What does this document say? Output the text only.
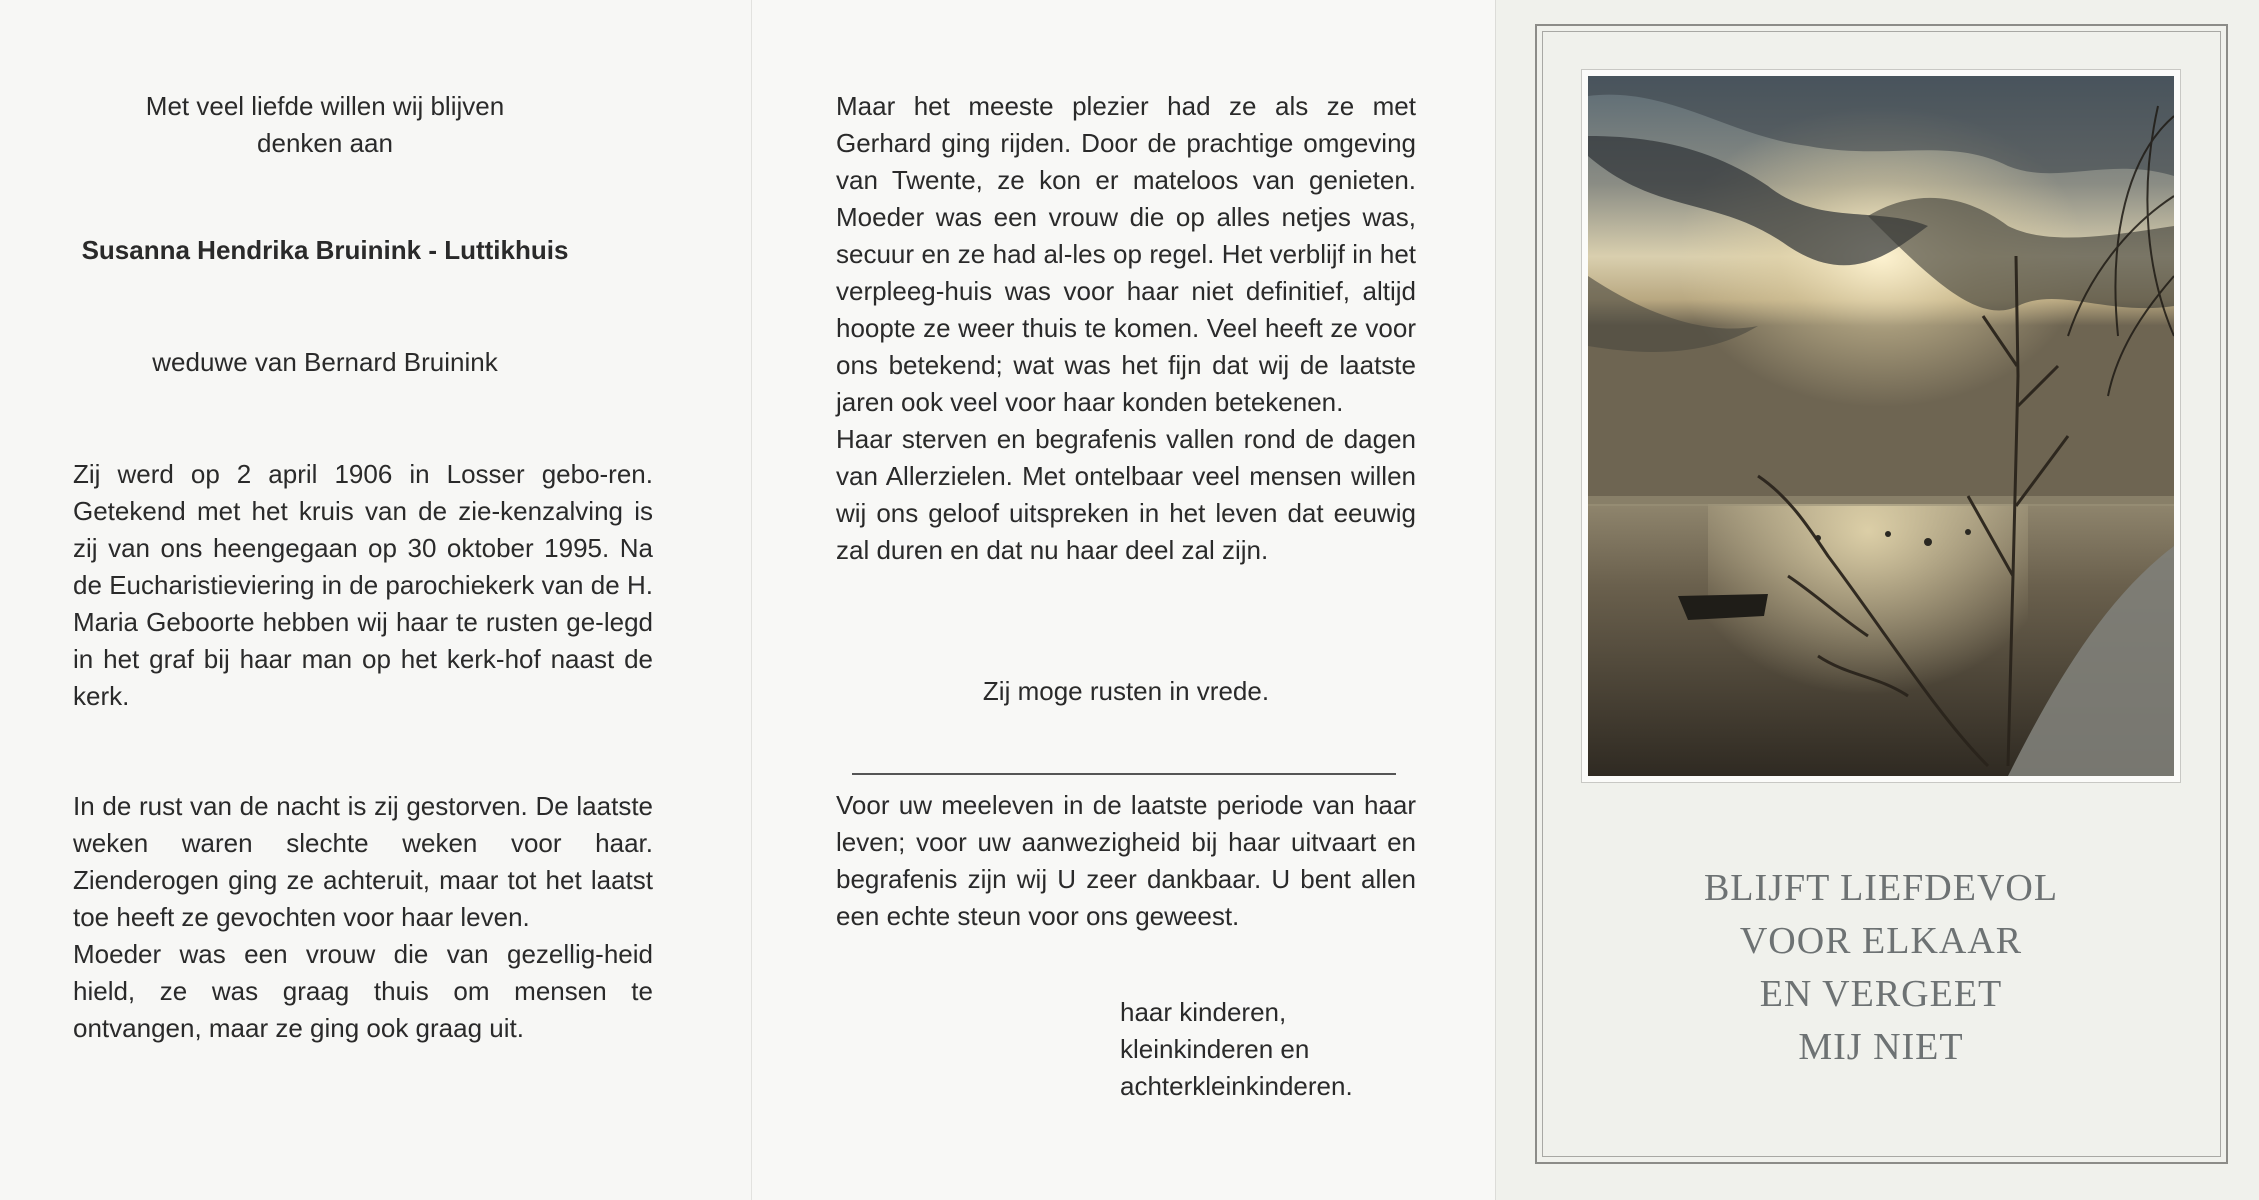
Met veel liefde willen wij blijven

denken aan

Susanna Hendrika Bruinink - Luttikhuis
weduwe van Bernard Bruinink
Zij werd op 2 april 1906 in Losser gebo-ren. Getekend met het kruis van de zie-kenzalving is zij van ons heengegaan op 30 oktober 1995. Na de Eucharistieviering in de parochiekerk van de H. Maria Geboorte hebben wij haar te rusten ge-legd in het graf bij haar man op het kerk-hof naast de kerk.

In de rust van de nacht is zij gestorven. De laatste weken waren slechte weken voor haar. Zienderogen ging ze achteruit, maar tot het laatst toe heeft ze gevochten voor haar leven.

Moeder was een vrouw die van gezellig-heid hield, ze was graag thuis om mensen te ontvangen, maar ze ging ook graag uit.

Maar het meeste plezier had ze als ze met Gerhard ging rijden. Door de prachtige omgeving van Twente, ze kon er mateloos van genieten. Moeder was een vrouw die op alles netjes was, secuur en ze had al-les op regel. Het verblijf in het verpleeg-huis was voor haar niet definitief, altijd hoopte ze weer thuis te komen. Veel heeft ze voor ons betekend; wat was het fijn dat wij de laatste jaren ook veel voor haar konden betekenen.

Haar sterven en begrafenis vallen rond de dagen van Allerzielen. Met ontelbaar veel mensen willen wij ons geloof uitspreken in het leven dat eeuwig zal duren en dat nu haar deel zal zijn.

Zij moge rusten in vrede.
Voor uw meeleven in de laatste periode van haar leven; voor uw aanwezigheid bij haar uitvaart en begrafenis zijn wij U zeer dankbaar. U bent allen een echte steun voor ons geweest.

haar kinderen,

kleinkinderen en

achterkleinkinderen.

BLIJFT LIEFDEVOL

VOOR ELKAAR

EN VERGEET

MIJ NIET
